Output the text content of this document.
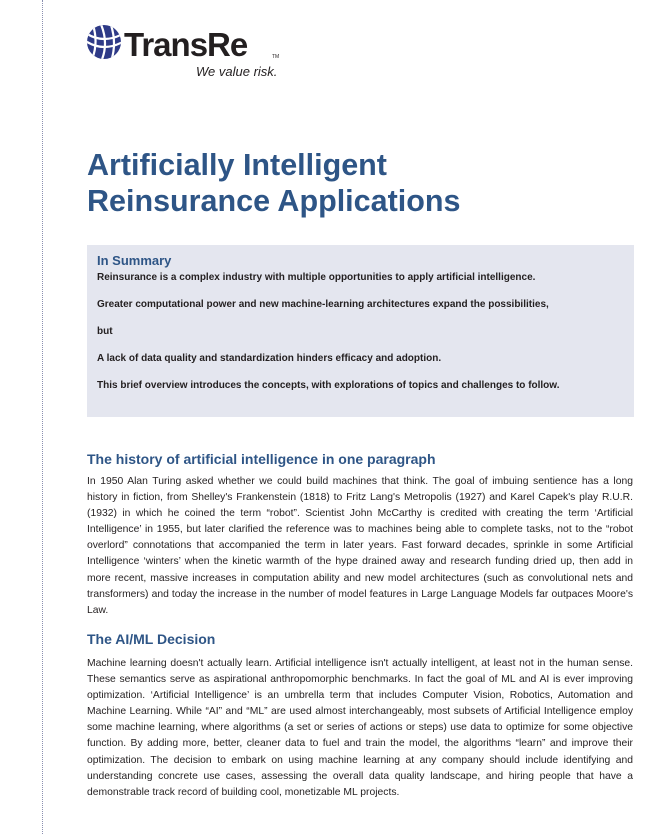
TransRe	TM
We value risk.
Artificially Intelligent
Reinsurance Applications
In Summary

Reinsurance is a complex industry with multiple opportunities to apply artificial intelligence.

Greater computational power and new machine-learning architectures expand the possibilities,

but

A lack of data quality and standardization hinders efficacy and adoption.

This brief overview introduces the concepts, with explorations of topics and challenges to follow.

The history of artificial intelligence in one paragraph

In 1950 Alan Turing asked whether we could build machines that think. The goal of imbuing sentience has a long history in fiction, from Shelley's Frankenstein (1818) to Fritz Lang's Metropolis (1927) and Karel Capek's play R.U.R. (1932) in which he coined the term “robot”. Scientist John McCarthy is credited with creating the term ‘Artificial Intelligence’ in 1955, but later clarified the reference was to machines being able to complete tasks, not to the “robot overlord” connotations that accompanied the term in later years. Fast forward decades, sprinkle in some Artificial Intelligence ‘winters’ when the kinetic warmth of the hype drained away and research funding dried up, then add in more recent, massive increases in computation ability and new model architectures (such as convolutional nets and transformers) and today the increase in the number of model features in Large Language Models far outpaces Moore's Law.

The AI/ML Decision

Machine learning doesn't actually learn. Artificial intelligence isn't actually intelligent, at least not in the human sense. These semantics serve as aspirational anthropomorphic benchmarks. In fact the goal of ML and AI is ever improving optimization. ‘Artificial Intelligence’ is an umbrella term that includes Computer Vision, Robotics, Automation and Machine Learning. While “AI” and “ML” are used almost interchangeably, most subsets of Artificial Intelligence employ some machine learning, where algorithms (a set or series of actions or steps) use data to optimize for some objective function. By adding more, better, cleaner data to fuel and train the model, the algorithms “learn” and improve their optimization. The decision to embark on using machine learning at any company should include identifying and understanding concrete use cases, assessing the overall data quality landscape, and hiring people that have a demonstrable track record of building cool, monetizable ML projects.
